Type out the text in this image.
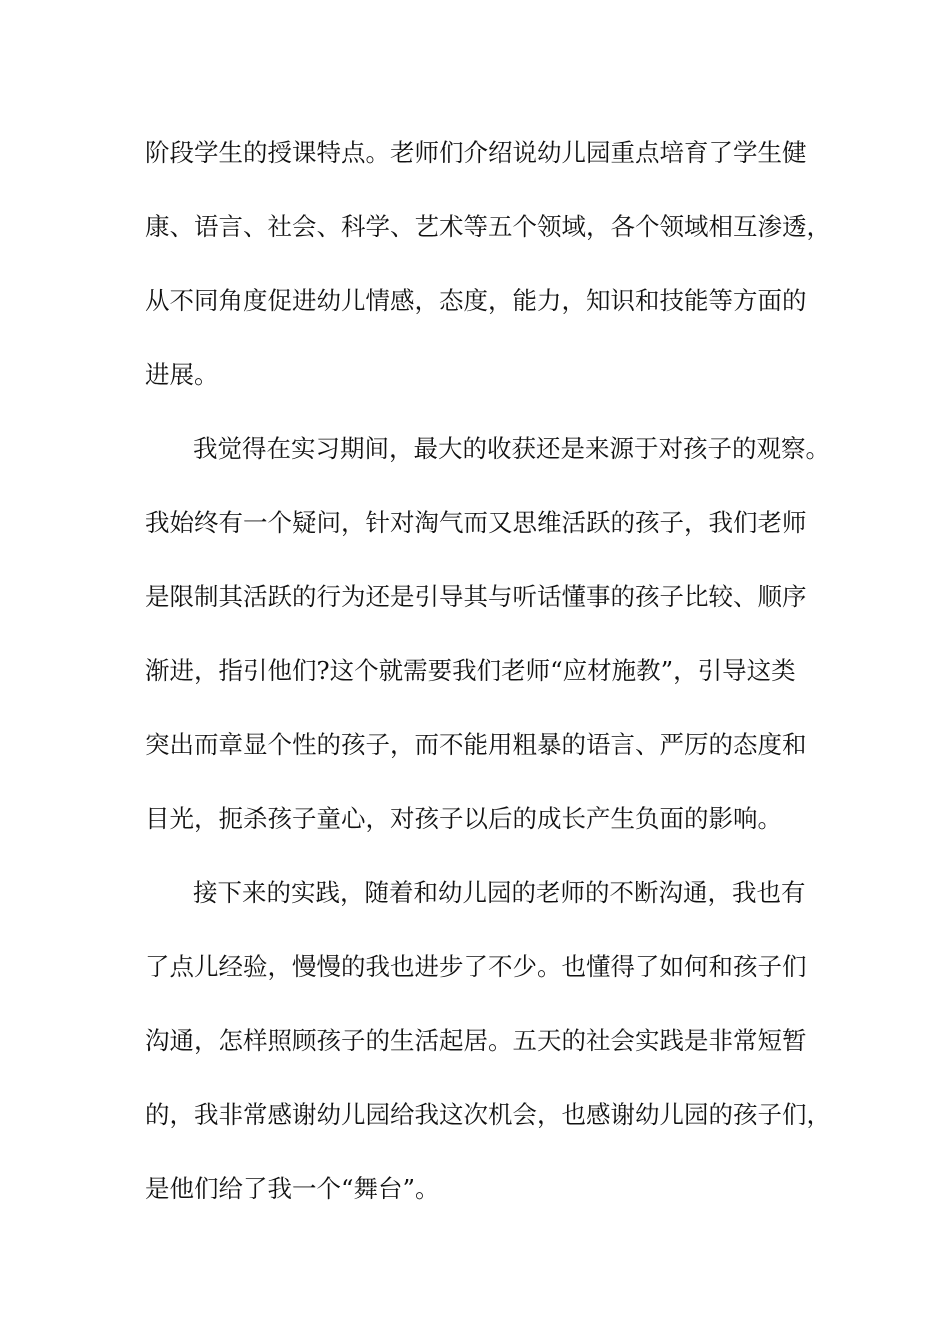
阶段学生的授课特点。老师们介绍说幼儿园重点培育了学生健

康、语言、社会、科学、艺术等五个领域，各个领域相互渗透，

从不同角度促进幼儿情感，态度，能力，知识和技能等方面的

进展。

我觉得在实习期间，最大的收获还是来源于对孩子的观察。

我始终有一个疑问，针对淘气而又思维活跃的孩子，我们老师

是限制其活跃的行为还是引导其与听话懂事的孩子比较、顺序

渐进，指引他们?这个就需要我们老师“应材施教”，引导这类

突出而章显个性的孩子，而不能用粗暴的语言、严厉的态度和

目光，扼杀孩子童心，对孩子以后的成长产生负面的影响。

接下来的实践，随着和幼儿园的老师的不断沟通，我也有

了点儿经验，慢慢的我也进步了不少。也懂得了如何和孩子们

沟通，怎样照顾孩子的生活起居。五天的社会实践是非常短暂

的，我非常感谢幼儿园给我这次机会，也感谢幼儿园的孩子们，

是他们给了我一个“舞台”。
